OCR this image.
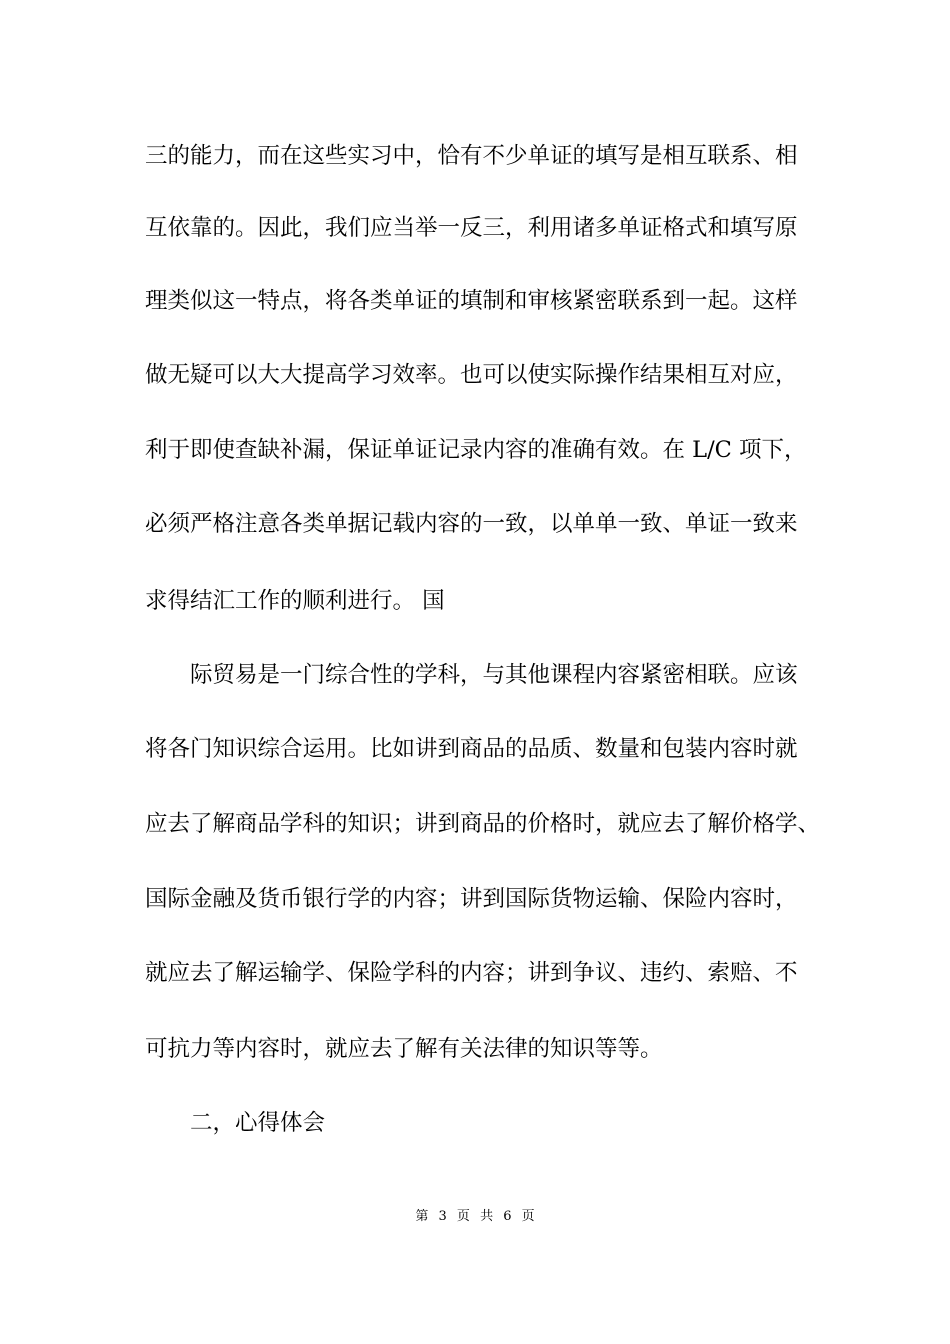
三的能力，而在这些实习中，恰有不少单证的填写是相互联系、相
互依靠的。因此，我们应当举一反三，利用诸多单证格式和填写原
理类似这一特点，将各类单证的填制和审核紧密联系到一起。这样
做无疑可以大大提高学习效率。也可以使实际操作结果相互对应，
利于即使查缺补漏，保证单证记录内容的准确有效。在 L/C 项下，
必须严格注意各类单据记载内容的一致，以单单一致、单证一致来
求得结汇工作的顺利进行。 国
际贸易是一门综合性的学科，与其他课程内容紧密相联。应该
将各门知识综合运用。比如讲到商品的品质、数量和包装内容时就
应去了解商品学科的知识；讲到商品的价格时，就应去了解价格学、
国际金融及货币银行学的内容；讲到国际货物运输、保险内容时，
就应去了解运输学、保险学科的内容；讲到争议、违约、索赔、不
可抗力等内容时，就应去了解有关法律的知识等等。
二，心得体会
第 3 页 共 6 页
